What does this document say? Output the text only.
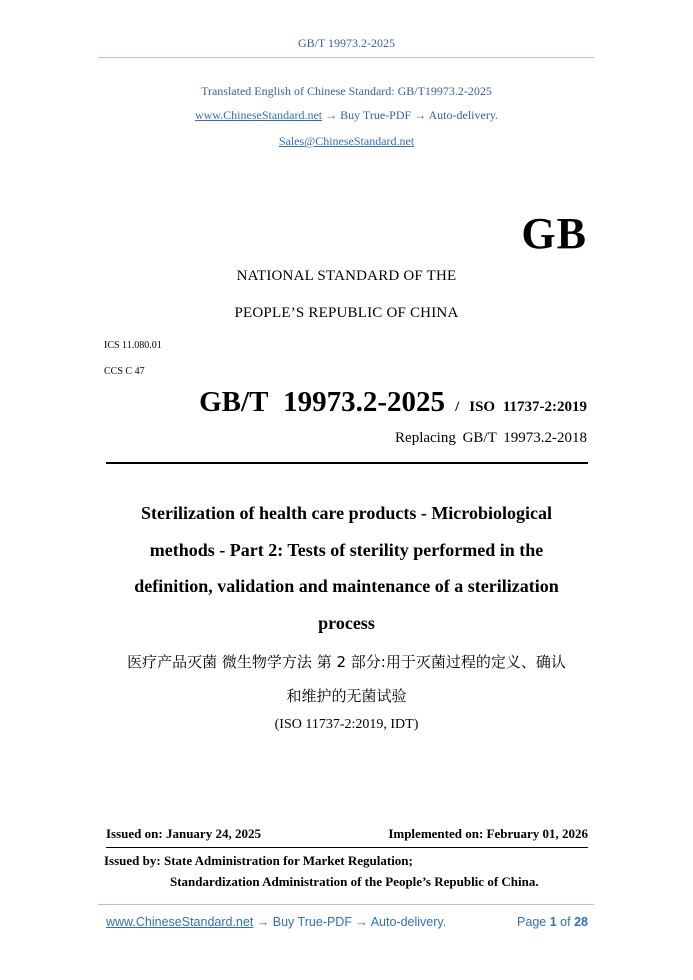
GB/T 19973.2-2025
Translated English of Chinese Standard: GB/T19973.2-2025
www.ChineseStandard.net → Buy True-PDF → Auto-delivery.
Sales@ChineseStandard.net
GB
NATIONAL STANDARD OF THE
PEOPLE’S REPUBLIC OF CHINA
ICS 11.080.01
CCS C 47
GB/T 19973.2-2025 / ISO 11737-2:2019
Replacing GB/T 19973.2-2018
Sterilization of health care products - Microbiological
methods - Part 2: Tests of sterility performed in the
definition, validation and maintenance of a sterilization
process
医疗产品灭菌 微生物学方法 第 2 部分:用于灭菌过程的定义、确认
和维护的无菌试验
(ISO 11737-2:2019, IDT)
Issued on: January 24, 2025	Implemented on: February 01, 2026
Issued by: State Administration for Market Regulation;
Standardization Administration of the People’s Republic of China.
www.ChineseStandard.net → Buy True-PDF → Auto-delivery.	Page 1 of 28
